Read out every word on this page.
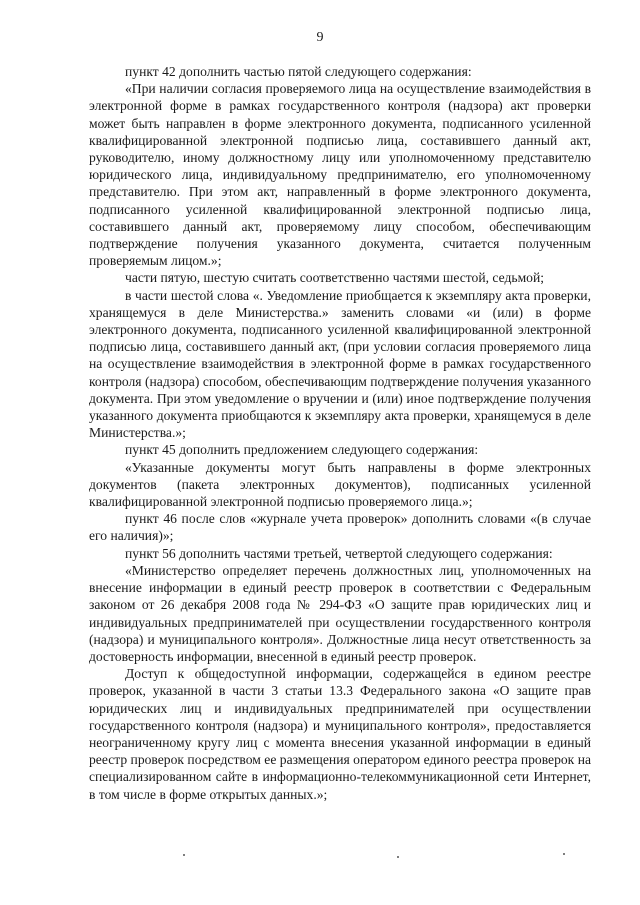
9

пункт 42 дополнить частью пятой следующего содержания:

«При наличии согласия проверяемого лица на осуществление взаимодействия в электронной форме в рамках государственного контроля (надзора) акт проверки может быть направлен в форме электронного документа, подписанного усиленной квалифицированной электронной подписью лица, составившего данный акт, руководителю, иному должностному лицу или уполномоченному представителю юридического лица, индивидуальному предпринимателю, его уполномоченному представителю. При этом акт, направленный в форме электронного документа, подписанного усиленной квалифицированной электронной подписью лица, составившего данный акт, проверяемому лицу способом, обеспечивающим подтверждение получения указанного документа, считается полученным проверяемым лицом.»;

части пятую, шестую считать соответственно частями шестой, седьмой;

в части шестой слова «. Уведомление приобщается к экземпляру акта проверки, хранящемуся в деле Министерства.» заменить словами «и (или) в форме электронного документа, подписанного усиленной квалифицированной электронной подписью лица, составившего данный акт, (при условии согласия проверяемого лица на осуществление взаимодействия в электронной форме в рамках государственного контроля (надзора) способом, обеспечивающим подтверждение получения указанного документа. При этом уведомление о вручении и (или) иное подтверждение получения указанного документа приобщаются к экземпляру акта проверки, хранящемуся в деле Министерства.»;

пункт 45 дополнить предложением следующего содержания:

«Указанные документы могут быть направлены в форме электронных документов (пакета электронных документов), подписанных усиленной квалифицированной электронной подписью проверяемого лица.»;

пункт 46 после слов «журнале учета проверок» дополнить словами «(в случае его наличия)»;

пункт 56 дополнить частями третьей, четвертой следующего содержания:

«Министерство определяет перечень должностных лиц, уполномоченных на внесение информации в единый реестр проверок в соответствии с Федеральным законом от 26 декабря 2008 года № 294-ФЗ «О защите прав юридических лиц и индивидуальных предпринимателей при осуществлении государственного контроля (надзора) и муниципального контроля». Должностные лица несут ответственность за достоверность информации, внесенной в единый реестр проверок.

Доступ к общедоступной информации, содержащейся в едином реестре проверок, указанной в части 3 статьи 13.3 Федерального закона «О защите прав юридических лиц и индивидуальных предпринимателей при осуществлении государственного контроля (надзора) и муниципального контроля», предоставляется неограниченному кругу лиц с момента внесения указанной информации в единый реестр проверок посредством ее размещения оператором единого реестра проверок на специализированном сайте в информационно-телекоммуникационной сети Интернет, в том числе в форме открытых данных.»;
